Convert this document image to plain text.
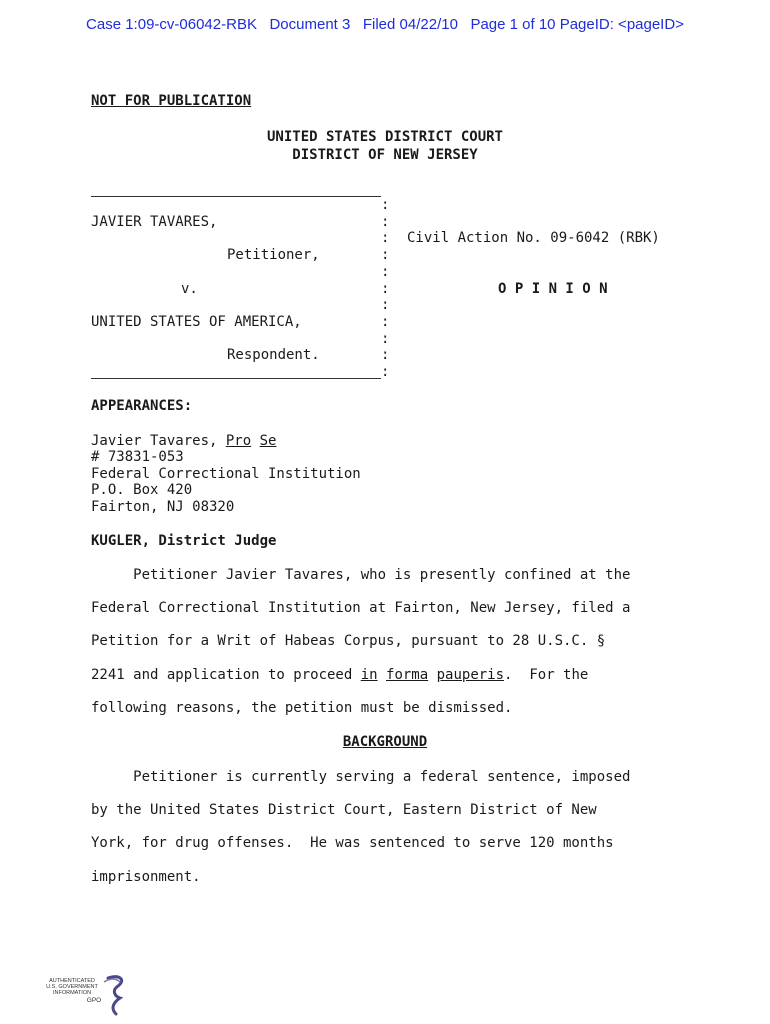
Case 1:09-cv-06042-RBK Document 3 Filed 04/22/10 Page 1 of 10 PageID: <pageID>
NOT FOR PUBLICATION
UNITED STATES DISTRICT COURT
DISTRICT OF NEW JERSEY
JAVIER TAVARES,
Petitioner,
v.
UNITED STATES OF AMERICA,
Respondent.
:
:
:
:
:
:
:
:
:
:
:
Civil Action No. 09-6042 (RBK)
O P I N I O N
APPEARANCES:
Javier Tavares, Pro Se
# 73831-053
Federal Correctional Institution
P.O. Box 420
Fairton, NJ 08320
KUGLER, District Judge
Petitioner Javier Tavares, who is presently confined at the
Federal Correctional Institution at Fairton, New Jersey, filed a
Petition for a Writ of Habeas Corpus, pursuant to 28 U.S.C. §
2241 and application to proceed in forma pauperis.  For the
following reasons, the petition must be dismissed.
BACKGROUND
Petitioner is currently serving a federal sentence, imposed
by the United States District Court, Eastern District of New
York, for drug offenses.  He was sentenced to serve 120 months
imprisonment.
AUTHENTICATED
U.S. GOVERNMENT
INFORMATION
GPO
